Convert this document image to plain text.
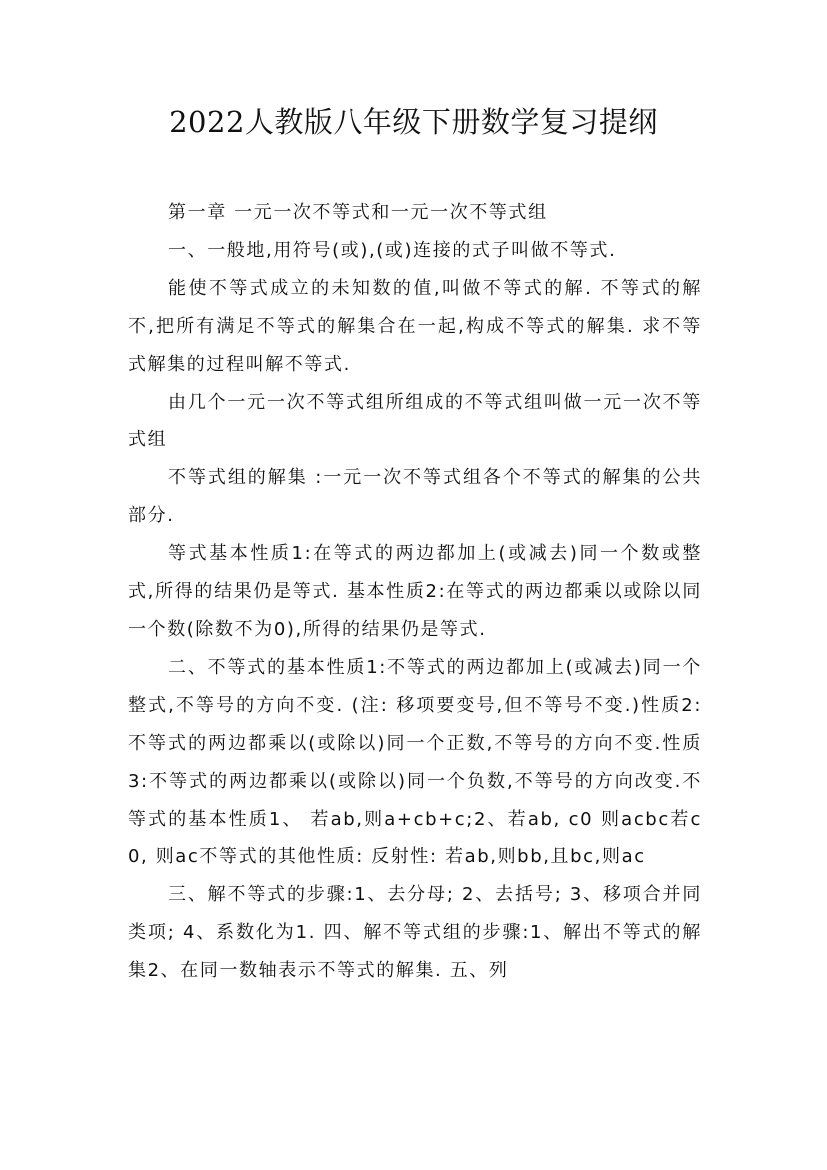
2022人教版八年级下册数学复习提纲

第一章 一元一次不等式和一元一次不等式组

一、一般地,用符号(或),(或)连接的式子叫做不等式.

能使不等式成立的未知数的值,叫做不等式的解. 不等式的解不,把所有满足不等式的解集合在一起,构成不等式的解集. 求不等式解集的过程叫解不等式.

由几个一元一次不等式组所组成的不等式组叫做一元一次不等式组

不等式组的解集 :一元一次不等式组各个不等式的解集的公共部分.

等式基本性质1:在等式的两边都加上(或减去)同一个数或整式,所得的结果仍是等式. 基本性质2:在等式的两边都乘以或除以同一个数(除数不为0),所得的结果仍是等式.

二、不等式的基本性质1:不等式的两边都加上(或减去)同一个整式,不等号的方向不变. (注: 移项要变号,但不等号不变.)性质2: 不等式的两边都乘以(或除以)同一个正数,不等号的方向不变.性质3:不等式的两边都乘以(或除以)同一个负数,不等号的方向改变.不等式的基本性质1、 若ab,则a+cb+c;2、若ab, c0 则acbc若c0, 则ac不等式的其他性质: 反射性: 若ab,则bb,且bc,则ac

三、解不等式的步骤:1、去分母; 2、去括号; 3、移项合并同类项; 4、系数化为1. 四、解不等式组的步骤:1、解出不等式的解集2、在同一数轴表示不等式的解集. 五、列
